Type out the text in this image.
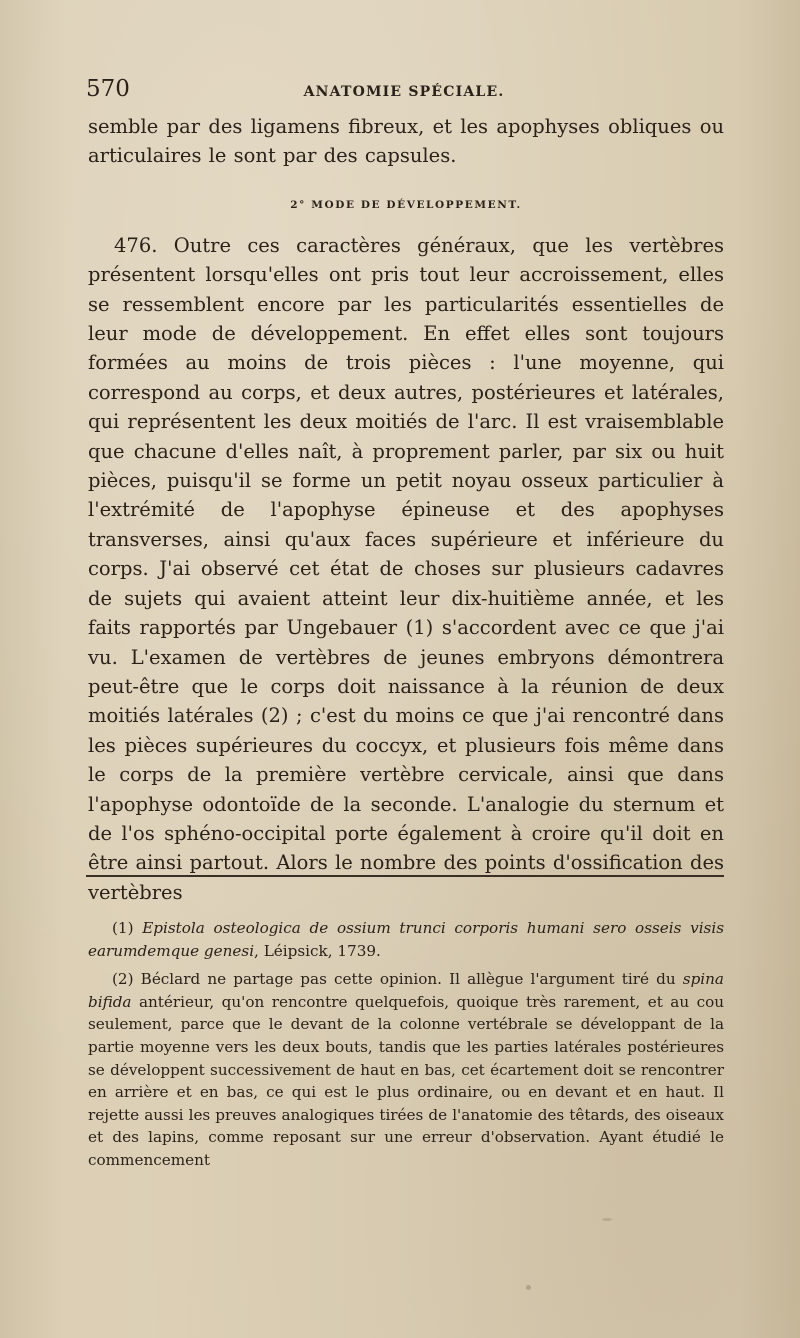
570	ANATOMIE SPÉCIALE.

semble par des ligamens fibreux, et les apophyses obliques ou articulaires le sont par des capsules.

2° MODE DE DÉVELOPPEMENT.

476. Outre ces caractères généraux, que les vertèbres présentent lorsqu'elles ont pris tout leur accroissement, elles se ressemblent encore par les particularités essentielles de leur mode de développement. En effet elles sont toujours formées au moins de trois pièces : l'une moyenne, qui correspond au corps, et deux autres, postérieures et latérales, qui représentent les deux moitiés de l'arc. Il est vraisemblable que chacune d'elles naît, à proprement parler, par six ou huit pièces, puisqu'il se forme un petit noyau osseux particulier à l'extrémité de l'apophyse épineuse et des apophyses transverses, ainsi qu'aux faces supérieure et inférieure du corps. J'ai observé cet état de choses sur plusieurs cadavres de sujets qui avaient atteint leur dix-huitième année, et les faits rapportés par Ungebauer (1) s'accordent avec ce que j'ai vu. L'examen de vertèbres de jeunes embryons démontrera peut-être que le corps doit naissance à la réunion de deux moitiés latérales (2) ; c'est du moins ce que j'ai rencontré dans les pièces supérieures du coccyx, et plusieurs fois même dans le corps de la première vertèbre cervicale, ainsi que dans l'apophyse odontoïde de la seconde. L'analogie du sternum et de l'os sphéno-occipital porte également à croire qu'il doit en être ainsi partout. Alors le nombre des points d'ossification des vertèbres

(1) Epistola osteologica de ossium trunci corporis humani sero osseis visis earumdemque genesi, Léipsick, 1739.

(2) Béclard ne partage pas cette opinion. Il allègue l'argument tiré du spina bifida antérieur, qu'on rencontre quelquefois, quoique très rarement, et au cou seulement, parce que le devant de la colonne vertébrale se développant de la partie moyenne vers les deux bouts, tandis que les parties latérales postérieures se développent successivement de haut en bas, cet écartement doit se rencontrer en arrière et en bas, ce qui est le plus ordinaire, ou en devant et en haut. Il rejette aussi les preuves analogiques tirées de l'anatomie des têtards, des oiseaux et des lapins, comme reposant sur une erreur d'observation. Ayant étudié le commencement
